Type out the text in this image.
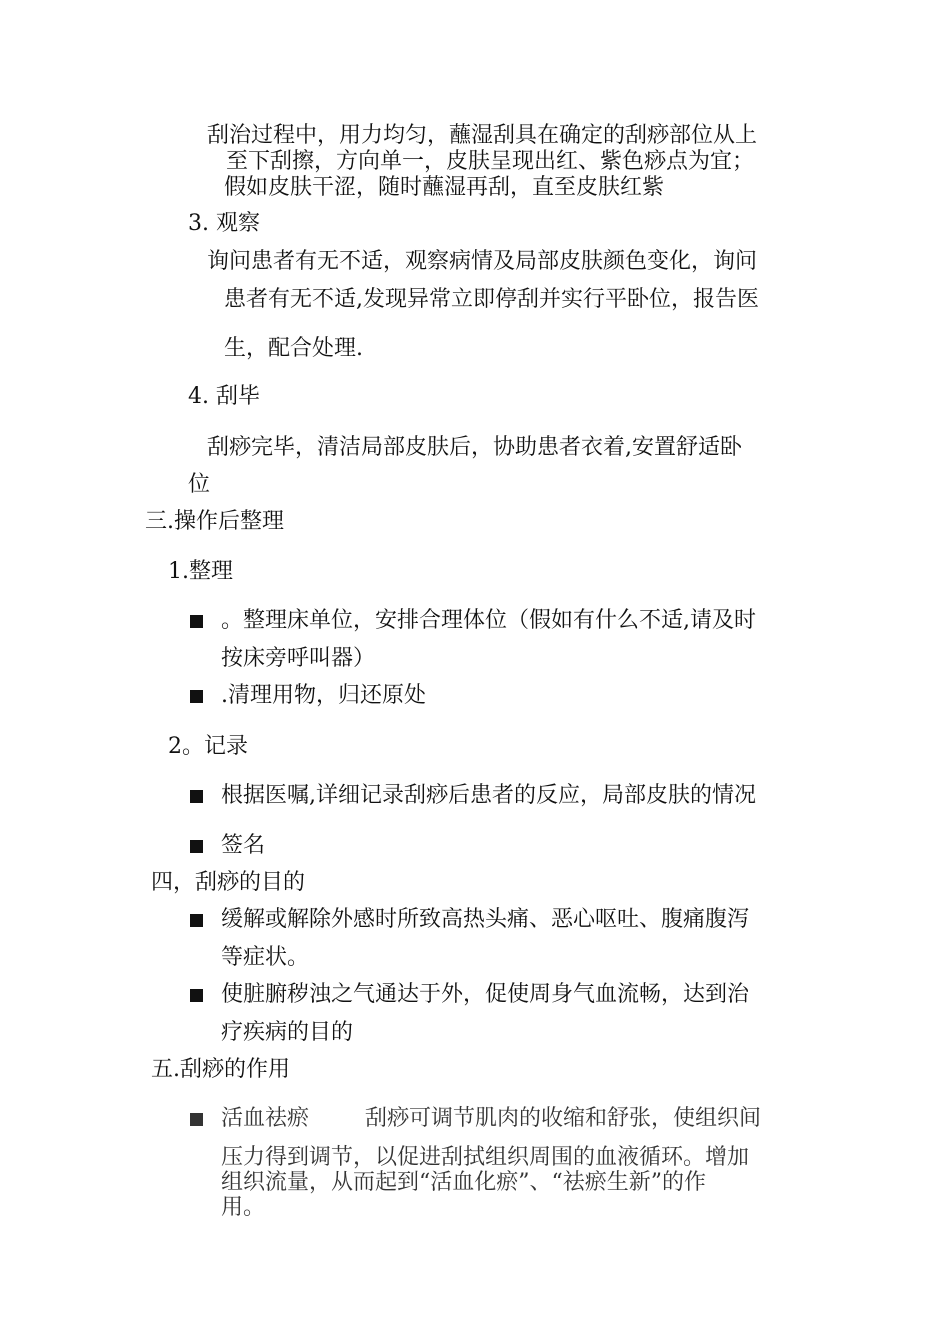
刮治过程中，用力均匀，蘸湿刮具在确定的刮痧部位从上

至下刮擦，方向单一，皮肤呈现出红、紫色痧点为宜；

假如皮肤干涩，随时蘸湿再刮，直至皮肤红紫

3. 观察

询问患者有无不适，观察病情及局部皮肤颜色变化，询问

患者有无不适,发现异常立即停刮并实行平卧位，报告医

生，配合处理.

4. 刮毕

刮痧完毕，清洁局部皮肤后，协助患者衣着,安置舒适卧

位

三.操作后整理

1.整理

。整理床单位，安排合理体位（假如有什么不适,请及时

按床旁呼叫器）

.清理用物，归还原处

2。记录

根据医嘱,详细记录刮痧后患者的反应，局部皮肤的情况

签名

四，刮痧的目的

缓解或解除外感时所致高热头痛、恶心呕吐、腹痛腹泻

等症状。

使脏腑秽浊之气通达于外，促使周身气血流畅，达到治

疗疾病的目的

五.刮痧的作用

活血祛瘀	刮痧可调节肌肉的收缩和舒张，使组织间

压力得到调节，以促进刮拭组织周围的血液循环。增加

组织流量，从而起到“活血化瘀”、“祛瘀生新”的作

用。
